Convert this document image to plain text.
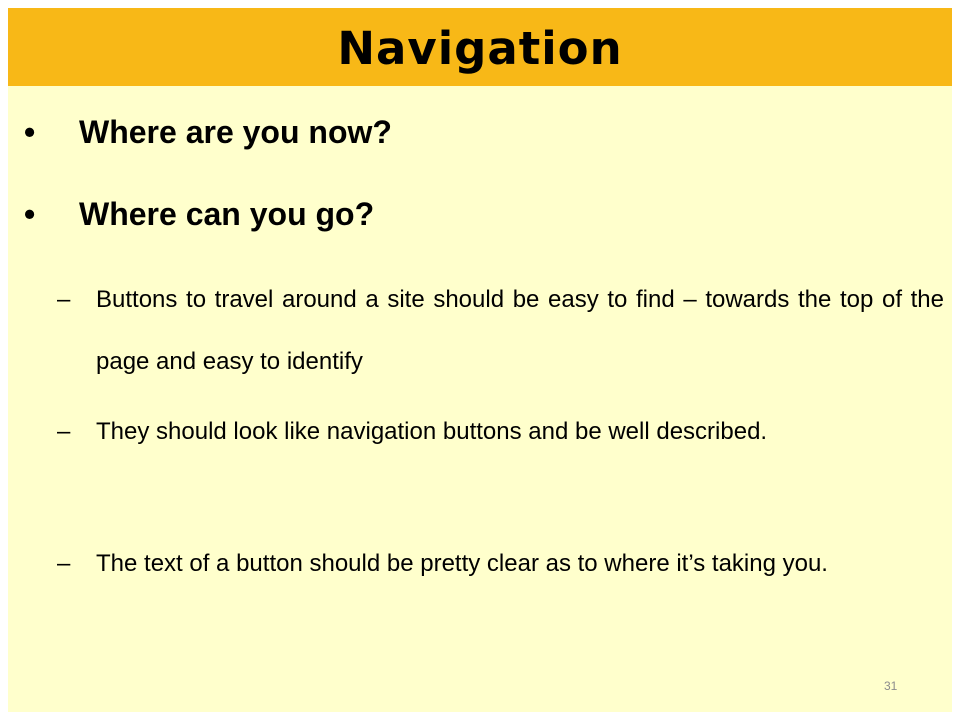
Navigation
•	Where are you now?
•	Where can you go?
– Buttons to travel around a site should be easy to find – towards the top of the page and easy to identify
– They should look like navigation buttons and be well described.
– The text of a button should be pretty clear as to where it’s taking you.
31
